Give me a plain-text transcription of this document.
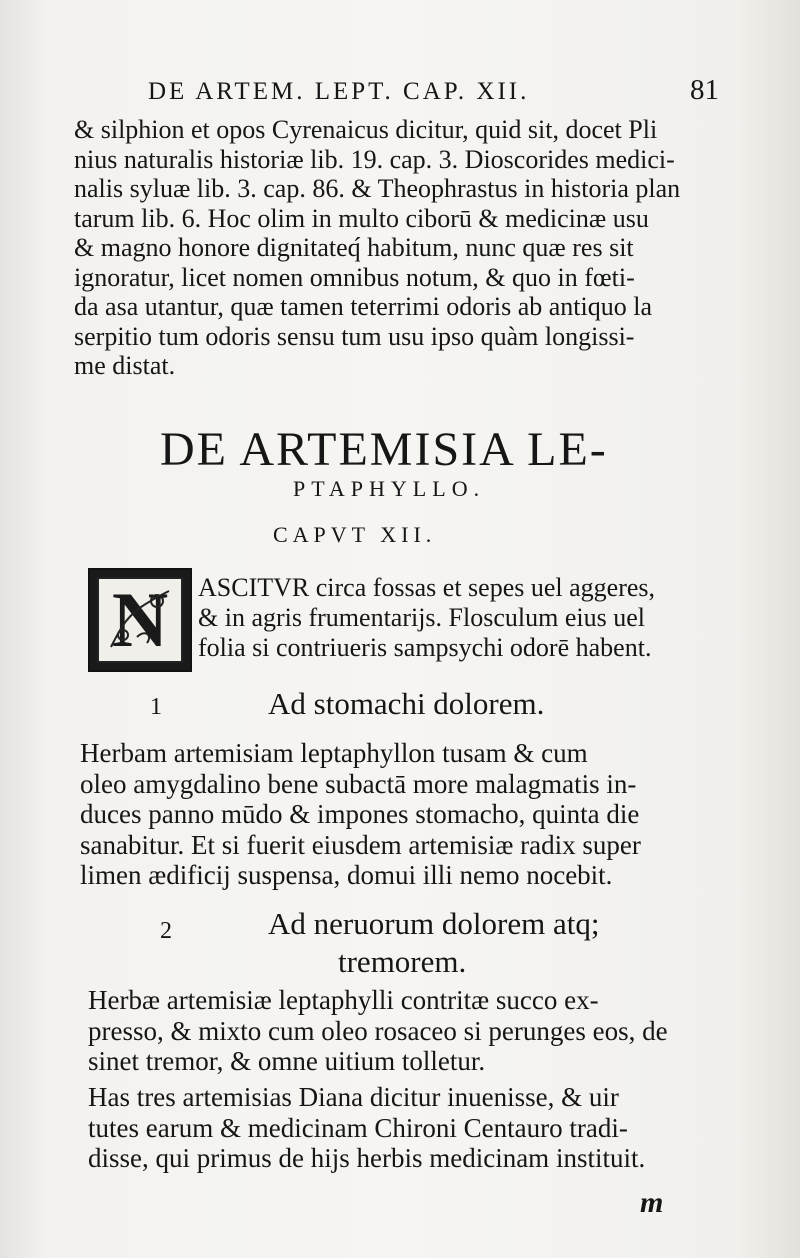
DE ARTEM. LEPT. CAP. XII.	81
& silphion et opos Cyrenaicus dicitur, quid sit, docet Pli
nius naturalis historiæ lib. 19. cap. 3. Dioscorides medici-
nalis syluæ lib. 3. cap. 86. & Theophrastus in historia plan
tarum lib. 6. Hoc olim in multo ciborū & medicinæ usu
& magno honore dignitateq́ habitum, nunc quæ res sit
ignoratur, licet nomen omnibus notum, & quo in fœti-
da asa utantur, quæ tamen teterrimi odoris ab antiquo la
serpitio tum odoris sensu tum usu ipso quàm longissi-
me distat.
DE ARTEMISIA LE-
PTAPHYLLO.
CAPVT XII.
N	ASCITVR circa fossas et sepes uel aggeres,
& in agris frumentarijs. Flosculum eius uel
folia si contriueris sampsychi odorē habent.
1	Ad stomachi dolorem.
Herbam artemisiam leptaphyllon tusam & cum
oleo amygdalino bene subactā more malagmatis in-
duces panno mūdo & impones stomacho, quinta die
sanabitur. Et si fuerit eiusdem artemisiæ radix super
limen ædificij suspensa, domui illi nemo nocebit.
2	Ad neruorum dolorem atq;
tremorem.
Herbæ artemisiæ leptaphylli contritæ succo ex-
presso, & mixto cum oleo rosaceo si perunges eos, de
sinet tremor, & omne uitium tolletur.
Has tres artemisias Diana dicitur inuenisse, & uir
tutes earum & medicinam Chironi Centauro tradi-
disse, qui primus de hijs herbis medicinam instituit.
m
